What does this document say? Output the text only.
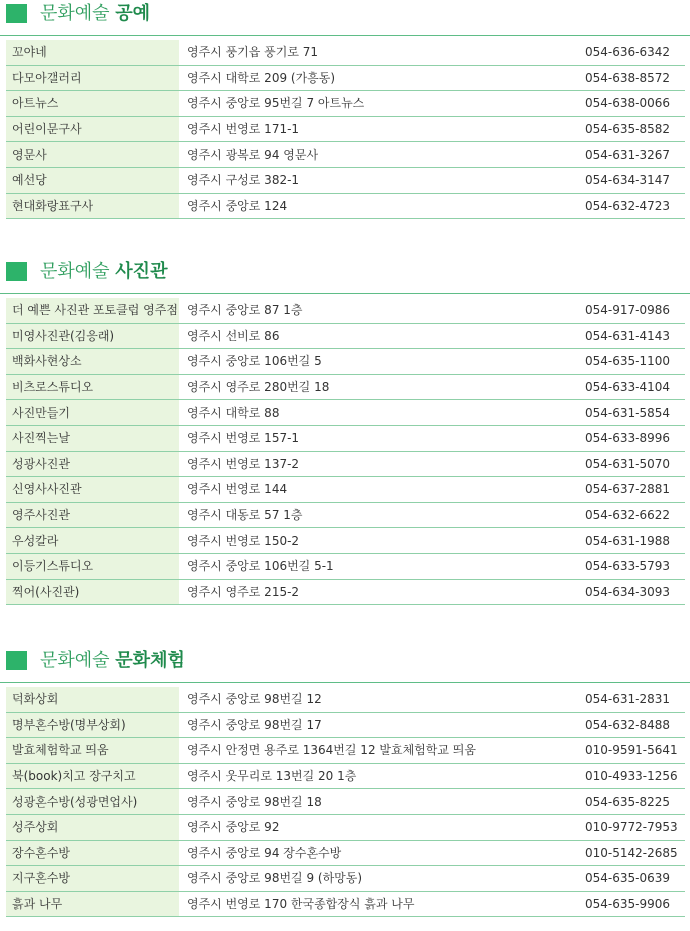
문화예술 공예
꼬야네	영주시 풍기읍 풍기로 71	054-636-6342
다모아갤러리	영주시 대학로 209 (가흥동)	054-638-8572
아트뉴스	영주시 중앙로 95번길 7 아트뉴스	054-638-0066
어린이문구사	영주시 번영로 171-1	054-635-8582
영문사	영주시 광복로 94 영문사	054-631-3267
예선당	영주시 구성로 382-1	054-634-3147
현대화랑표구사	영주시 중앙로 124	054-632-4723
문화예술 사진관
더 예쁜 사진관 포토클럽 영주점	영주시 중앙로 87 1층	054-917-0986
미영사진관(김응래)	영주시 선비로 86	054-631-4143
백화사현상소	영주시 중앙로 106번길 5	054-635-1100
비츠로스튜디오	영주시 영주로 280번길 18	054-633-4104
사진만들기	영주시 대학로 88	054-631-5854
사진찍는날	영주시 번영로 157-1	054-633-8996
성광사진관	영주시 번영로 137-2	054-631-5070
신영사사진관	영주시 번영로 144	054-637-2881
영주사진관	영주시 대동로 57 1층	054-632-6622
우성칼라	영주시 번영로 150-2	054-631-1988
이등기스튜디오	영주시 중앙로 106번길 5-1	054-633-5793
찍어(사진관)	영주시 영주로 215-2	054-634-3093
문화예술 문화체험
덕화상회	영주시 중앙로 98번길 12	054-631-2831
명부혼수방(명부상회)	영주시 중앙로 98번길 17	054-632-8488
발효체험학교 띄움	영주시 안정면 용주로 1364번길 12 발효체험학교 띄움	010-9591-5641
북(book)치고 장구치고	영주시 웃무리로 13번길 20 1층	010-4933-1256
성광혼수방(성광면업사)	영주시 중앙로 98번길 18	054-635-8225
성주상회	영주시 중앙로 92	010-9772-7953
장수혼수방	영주시 중앙로 94 장수혼수방	010-5142-2685
지구혼수방	영주시 중앙로 98번길 9 (하망동)	054-635-0639
흙과 나무	영주시 번영로 170 한국종합장식 흙과 나무	054-635-9906
